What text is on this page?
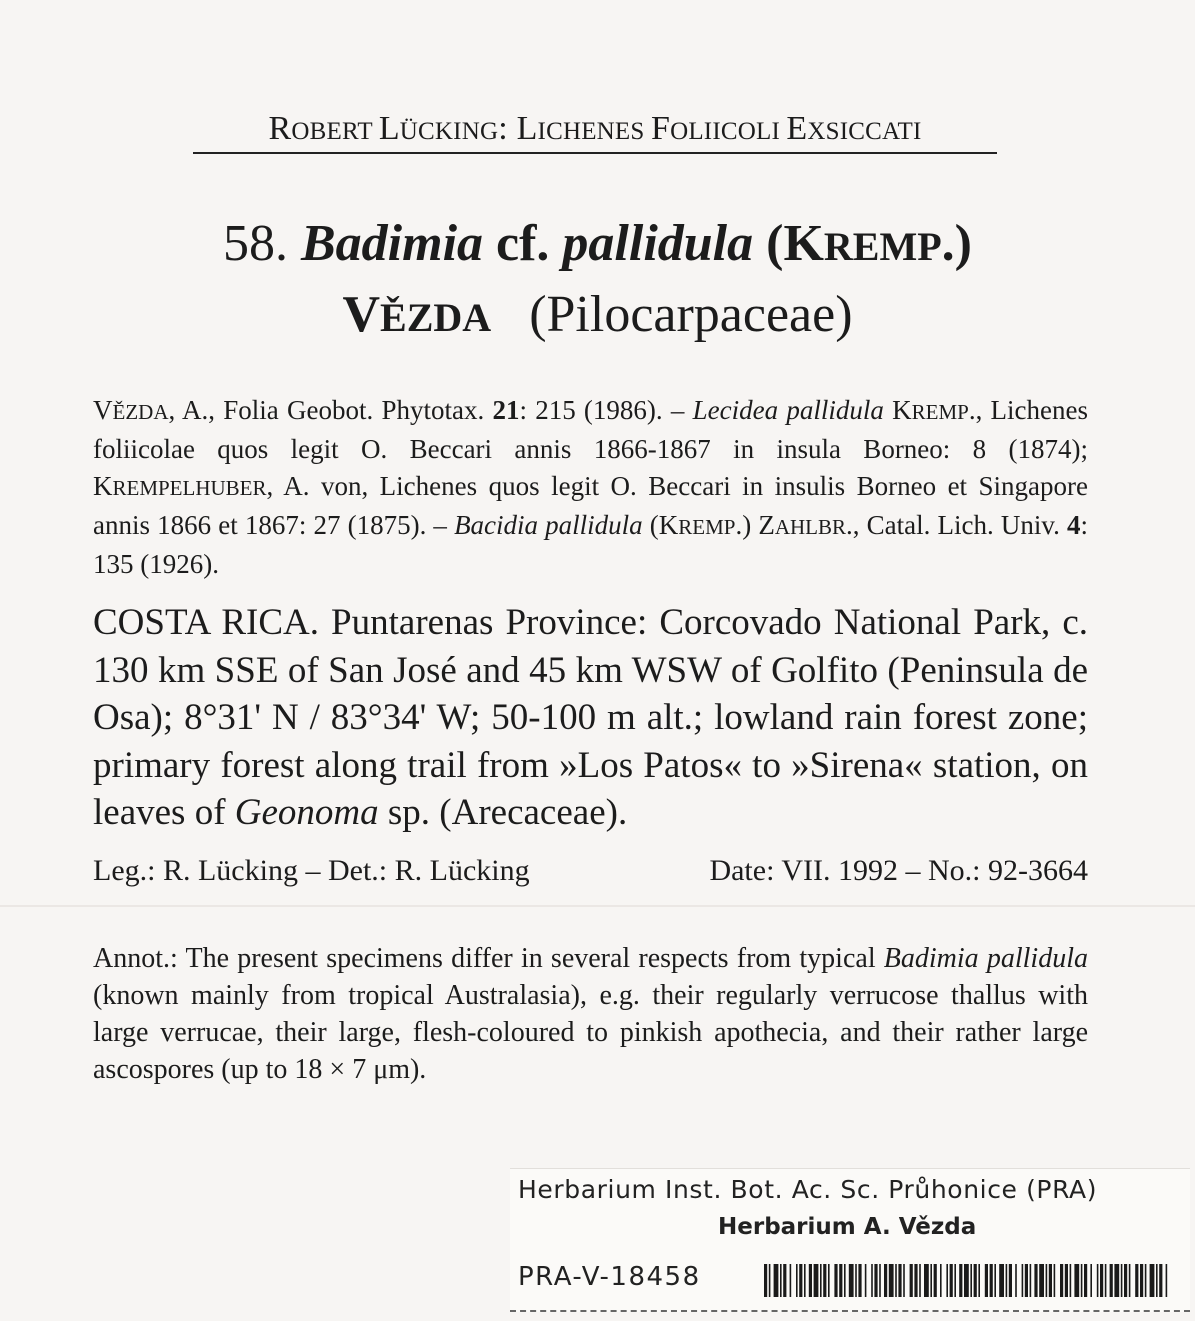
ROBERT LÜCKING: LICHENES FOLIICOLI EXSICCATI
58. Badimia cf. pallidula (KREMP.)
VĚZDA (Pilocarpaceae)
VĚZDA, A., Folia Geobot. Phytotax. 21: 215 (1986). – Lecidea pallidula KREMP., Lichenes foliicolae quos legit O. Beccari annis 1866-1867 in insula Borneo: 8 (1874); KREMPELHUBER, A. von, Lichenes quos legit O. Beccari in insulis Borneo et Singapore annis 1866 et 1867: 27 (1875). – Bacidia pallidula (KREMP.) ZAHLBR., Catal. Lich. Univ. 4: 135 (1926).
COSTA RICA. Puntarenas Province: Corcovado National Park, c. 130 km SSE of San José and 45 km WSW of Golfito (Peninsula de Osa); 8°31' N / 83°34' W; 50-100 m alt.; lowland rain forest zone; primary forest along trail from »Los Patos« to »Sirena« station, on leaves of Geonoma sp. (Arecaceae).
Leg.: R. Lücking – Det.: R. Lücking	Date: VII. 1992 – No.: 92-3664
Annot.: The present specimens differ in several respects from typical Badimia pallidula (known mainly from tropical Australasia), e.g. their regularly verrucose thallus with large verrucae, their large, flesh-coloured to pinkish apothecia, and their rather large ascospores (up to 18 × 7 μm).
Herbarium Inst. Bot. Ac. Sc. Průhonice (PRA)
Herbarium A. Vězda
PRA-V-18458
